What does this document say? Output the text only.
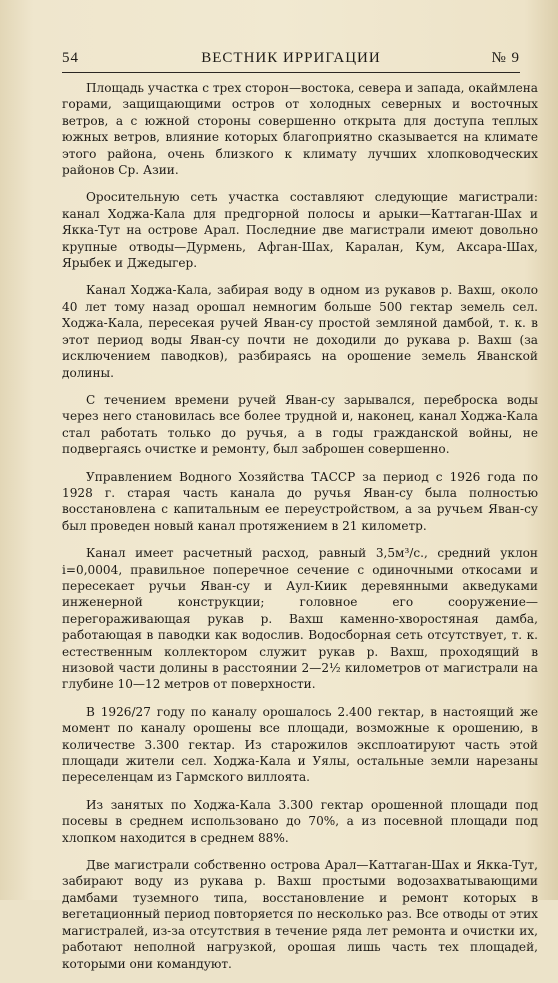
54	ВЕСТНИК ИРРИГАЦИИ	№ 9

Площадь участка с трех сторон—востока, севера и запада, окаймлена горами, защищающими остров от холодных северных и восточных ветров, а с южной стороны совершенно открыта для доступа теплых южных ветров, влияние которых благоприятно сказывается на климате этого района, очень близкого к климату лучших хлопководческих районов Ср. Азии.

Оросительную сеть участка составляют следующие магистрали: канал Ходжа-Кала для предгорной полосы и арыки—Каттаган-Шах и Якка-Тут на острове Арал. Последние две магистрали имеют довольно крупные отводы—Дурмень, Афган-Шах, Каралан, Кум, Аксара-Шах, Ярыбек и Джедыгер.

Канал Ходжа-Кала, забирая воду в одном из рукавов р. Вахш, около 40 лет тому назад орошал немногим больше 500 гектар земель сел. Ходжа-Кала, пересекая ручей Яван-су простой земляной дамбой, т. к. в этот период воды Яван-су почти не доходили до рукава р. Вахш (за исключением паводков), разбираясь на орошение земель Яванской долины.

С течением времени ручей Яван-су зарывался, переброска воды через него становилась все более трудной и, наконец, канал Ходжа-Кала стал работать только до ручья, а в годы гражданской войны, не подвергаясь очистке и ремонту, был заброшен совершенно.

Управлением Водного Хозяйства ТАССР за период с 1926 года по 1928 г. старая часть канала до ручья Яван-су была полностью восстановлена с капитальным ее переустройством, а за ручьем Яван-су был проведен новый канал протяжением в 21 километр.

Канал имеет расчетный расход, равный 3,5м³/с., средний уклон i=0,0004, правильное поперечное сечение с одиночными откосами и пересекает ручьи Яван-су и Аул-Киик деревянными акведуками инженерной конструкции; головное его сооружение—перегораживающая рукав р. Вахш каменно-хворостяная дамба, работающая в паводки как водослив. Водосборная сеть отсутствует, т. к. естественным коллектором служит рукав р. Вахш, проходящий в низовой части долины в расстоянии 2—2½ километров от магистрали на глубине 10—12 метров от поверхности.

В 1926/27 году по каналу орошалось 2.400 гектар, в настоящий же момент по каналу орошены все площади, возможные к орошению, в количестве 3.300 гектар. Из старожилов эксплоатируют часть этой площади жители сел. Ходжа-Кала и Уялы, остальные земли нарезаны переселенцам из Гармского виллоята.

Из занятых по Ходжа-Кала 3.300 гектар орошенной площади под посевы в среднем использовано до 70%, а из посевной площади под хлопком находится в среднем 88%.

Две магистрали собственно острова Арал—Каттаган-Шах и Якка-Тут, забирают воду из рукава р. Вахш простыми водозахватывающими дамбами туземного типа, восстановление и ремонт которых в вегетационный период повторяется по несколько раз. Все отводы от этих магистралей, из-за отсутствия в течение ряда лет ремонта и очистки их, работают неполной нагрузкой, орошая лишь часть тех площадей, которыми они командуют.
